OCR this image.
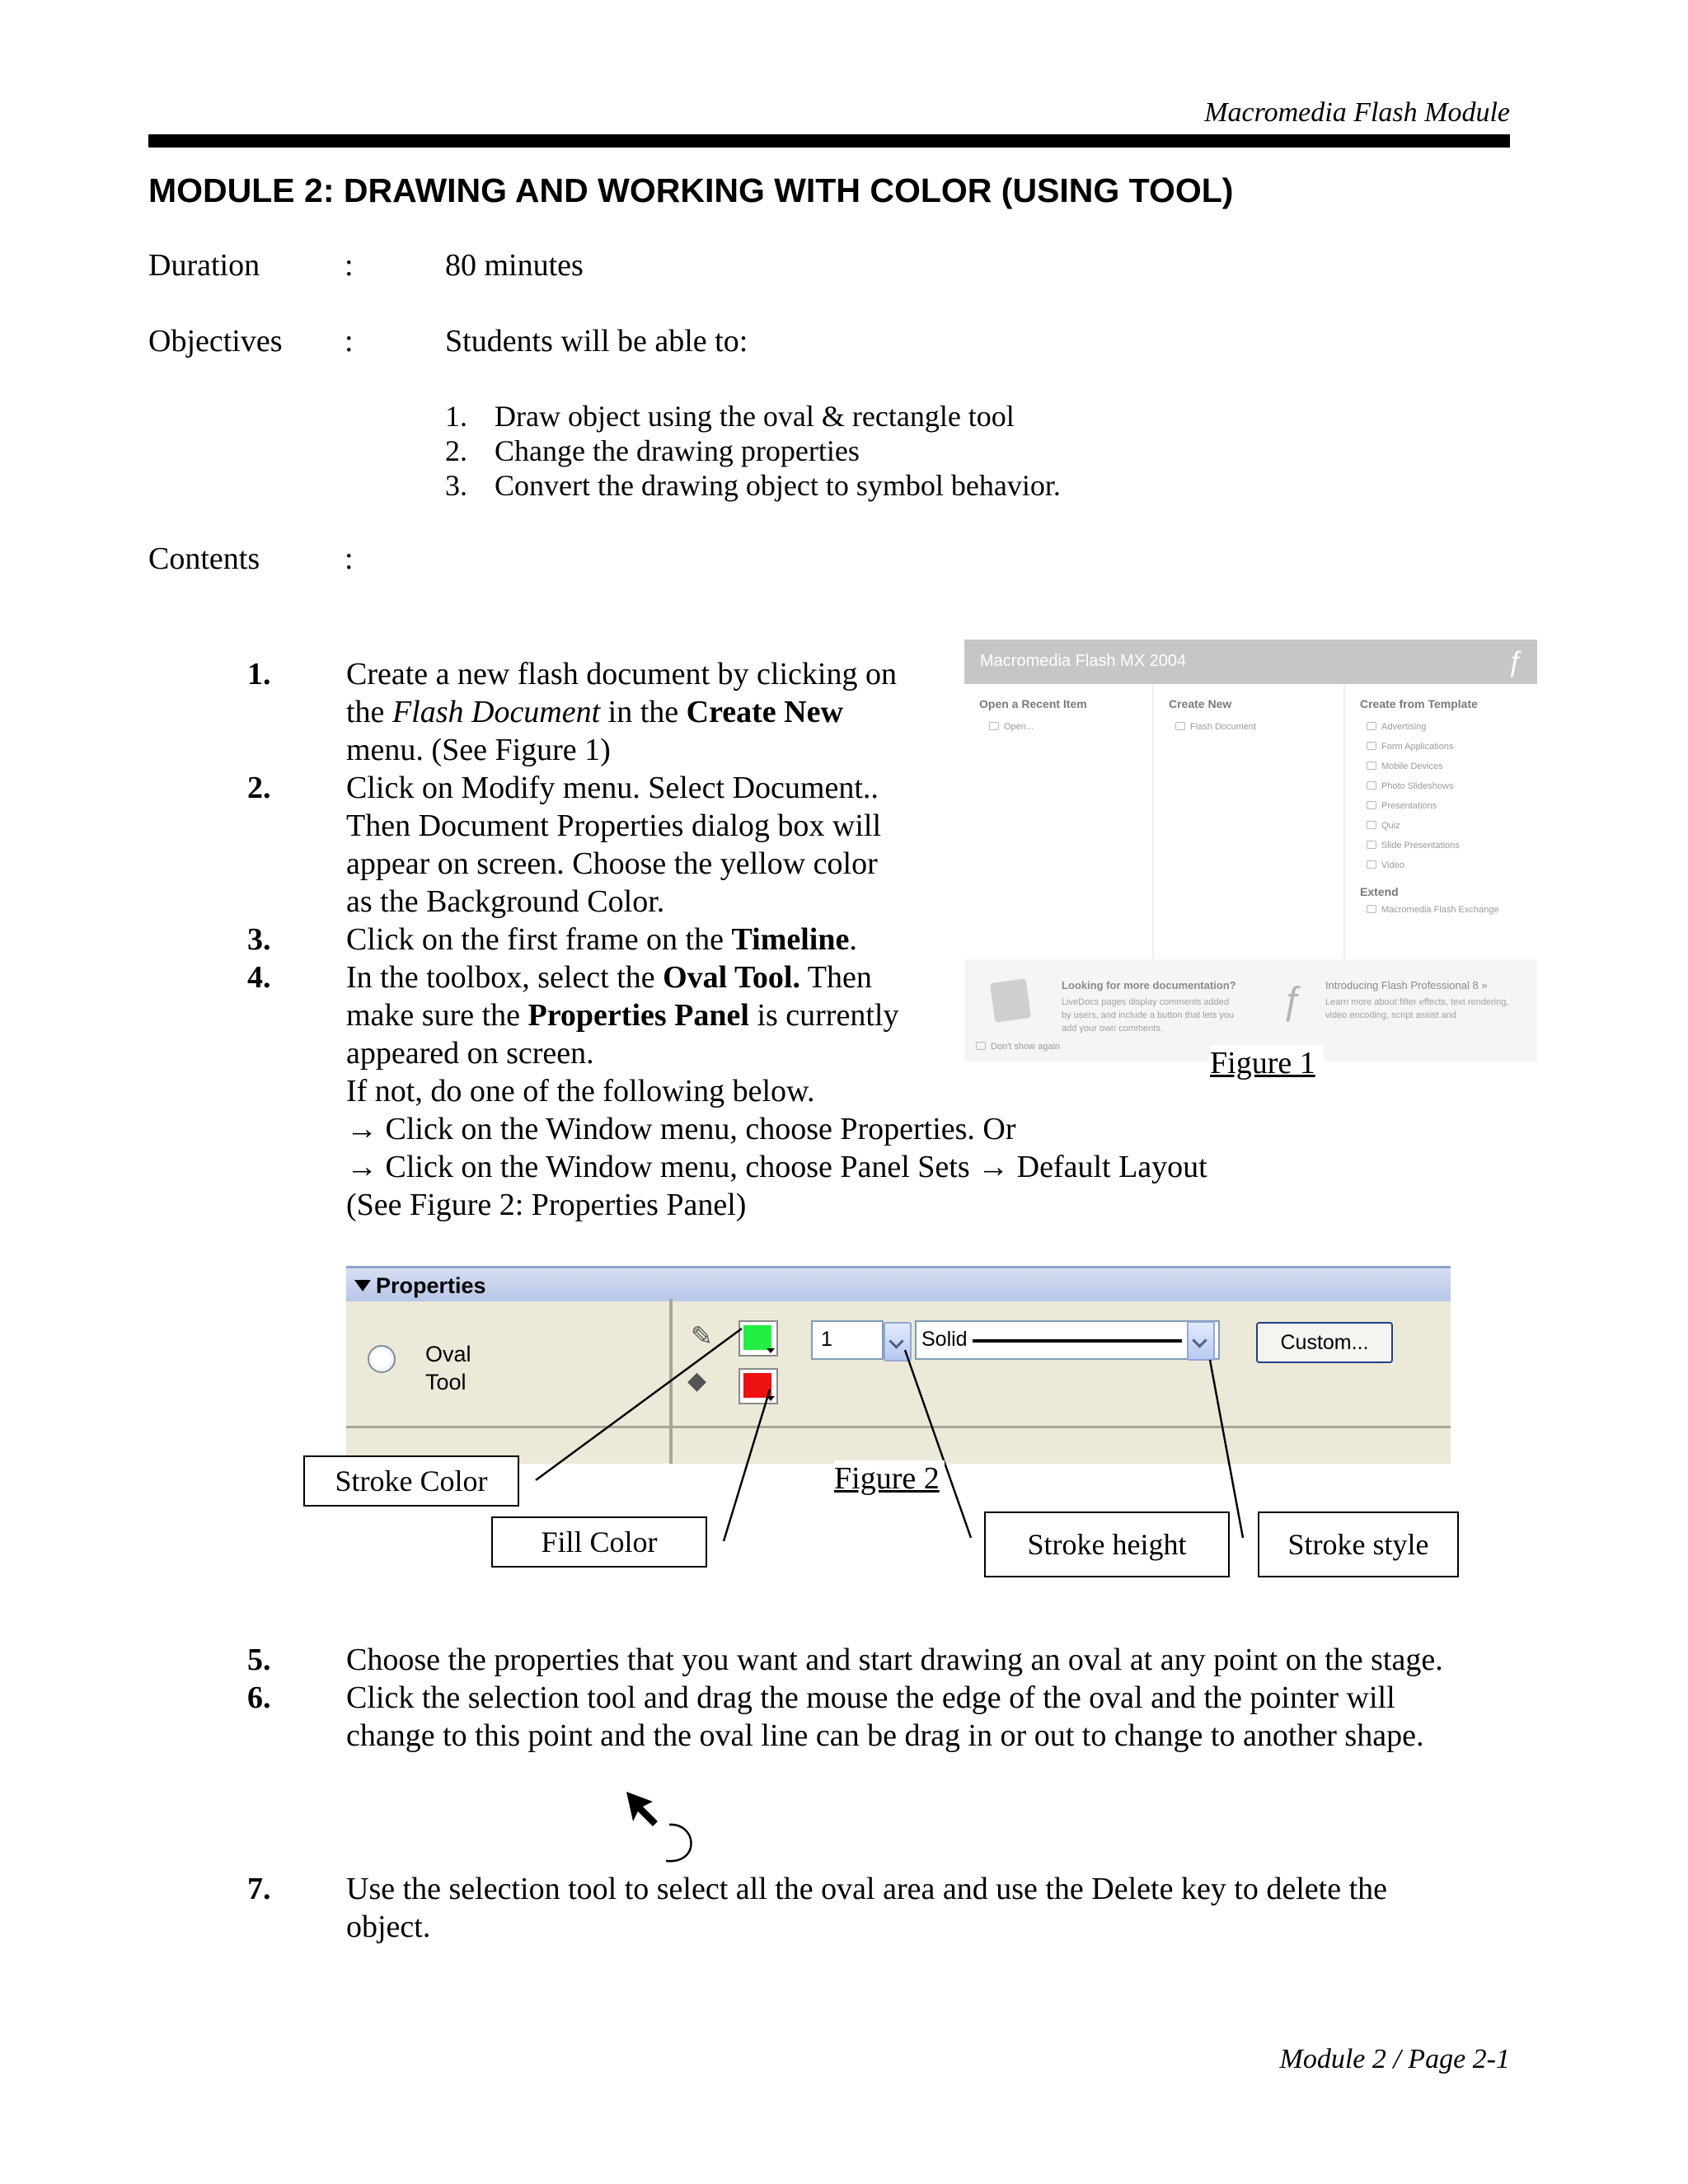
Macromedia Flash Module
MODULE 2: DRAWING AND WORKING WITH COLOR (USING TOOL)
Duration	:	80 minutes
Objectives :	Students will be able to:
1. Draw object using the oval & rectangle tool
2. Change the drawing properties
3. Convert the drawing object to symbol behavior.
Contents	:
1. Create a new flash document by clicking on
the Flash Document in the Create New
menu. (See Figure 1)
2. Click on Modify menu. Select Document..
Then Document Properties dialog box will
appear on screen. Choose the yellow color
as the Background Color.
3. Click on the first frame on the Timeline.
4. In the toolbox, select the Oval Tool. Then
make sure the Properties Panel is currently
appeared on screen.
If not, do one of the following below.
→ Click on the Window menu, choose Properties. Or
→ Click on the Window menu, choose Panel Sets → Default Layout
(See Figure 2: Properties Panel)
Macromedia Flash MX 2004	ƒ
Open a Recent Item
Open...
Create New
Flash Document
Create from Template
Advertising
Form Applications
Mobile Devices
Photo Slideshows
Presentations
Quiz
Slide Presentations
Video
Extend
Macromedia Flash Exchange
Looking for more documentation?
LiveDocs pages display comments added by users, and include a button that lets you add your own comments.
ƒ Introducing Flash Professional 8 »
Learn more about filter effects, text rendering, video encoding, script assist and
Don't show again	Figure 1
Properties
Oval
Tool
✎
◆
1	Solid	Custom...
Stroke Color
Fill Color	Stroke height	Stroke style
Figure 2
5. Choose the properties that you want and start drawing an oval at any point on the stage.
6. Click the selection tool and drag the mouse the edge of the oval and the pointer will
change to this point and the oval line can be drag in or out to change to another shape.
7. Use the selection tool to select all the oval area and use the Delete key to delete the
object.
Module 2 / Page 2-1
